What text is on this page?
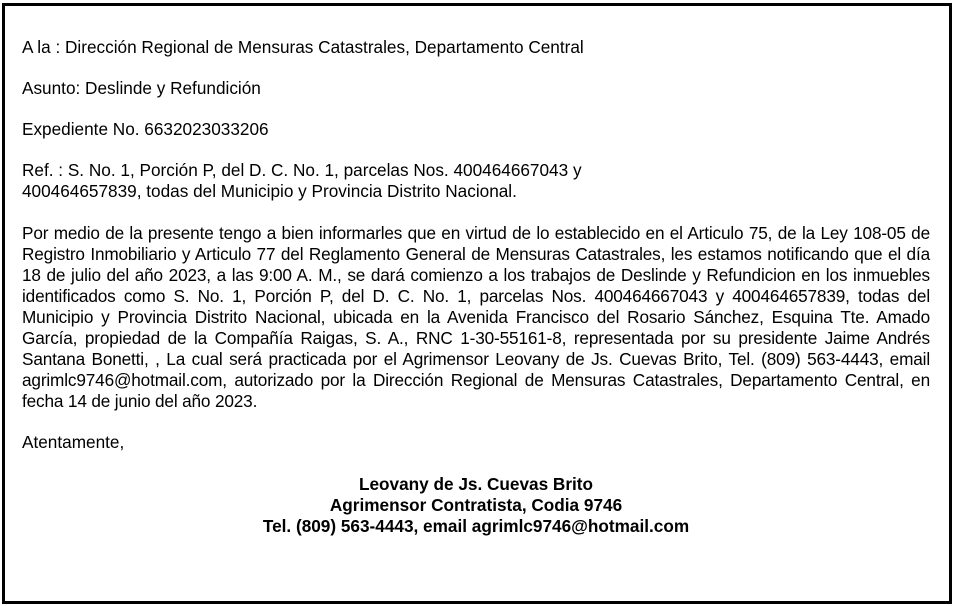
A la : Dirección Regional de Mensuras Catastrales, Departamento Central

Asunto: Deslinde y Refundición

Expediente No. 6632023033206

Ref. : S. No. 1, Porción P, del D. C. No. 1, parcelas Nos. 400464667043 y
400464657839, todas del Municipio y Provincia Distrito Nacional.

Por medio de la presente tengo a bien informarles que en virtud de lo establecido en el Articulo 75, de la Ley 108-05 de Registro Inmobiliario y Articulo 77 del Reglamento General de Mensuras Catastrales, les estamos notificando que el día 18 de julio del año 2023, a las 9:00 A. M., se dará comienzo a los trabajos de Deslinde y Refundicion en los inmuebles identificados como S. No. 1, Porción P, del D. C. No. 1, parcelas Nos. 400464667043 y 400464657839, todas del Municipio y Provincia Distrito Nacional, ubicada en la Avenida Francisco del Rosario Sánchez, Esquina Tte. Amado García, propiedad de la Compañía Raigas, S. A., RNC 1-30-55161-8, representada por su presidente Jaime Andrés Santana Bonetti, , La cual será practicada por el Agrimensor Leovany de Js. Cuevas Brito, Tel. (809) 563-4443, email agrimlc9746@hotmail.com, autorizado por la Dirección Regional de Mensuras Catastrales, Departamento Central, en fecha 14 de junio del año 2023.

Atentamente,

Leovany de Js. Cuevas Brito
Agrimensor Contratista, Codia 9746
Tel. (809) 563-4443, email agrimlc9746@hotmail.com
